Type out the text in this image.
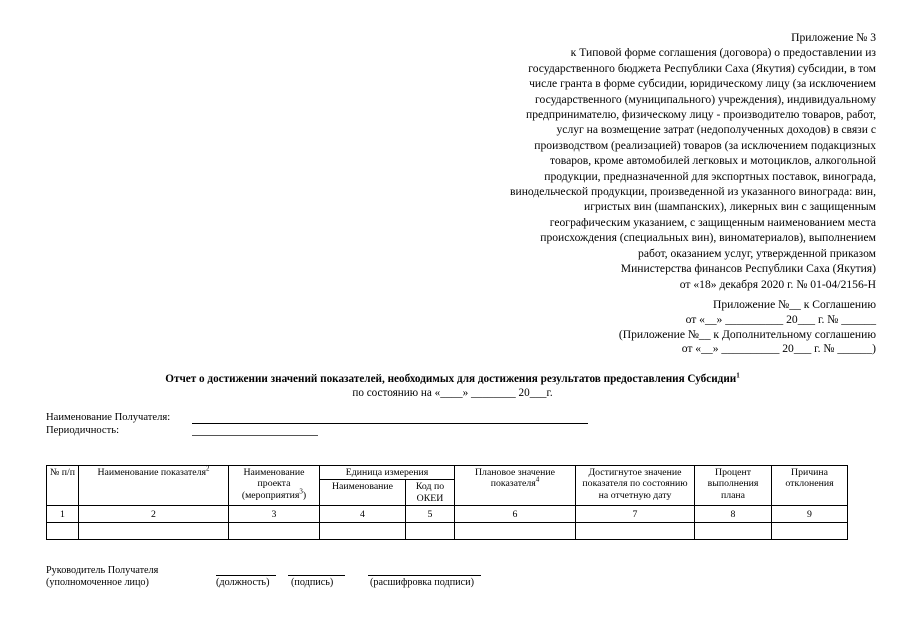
Приложение № 3
к Типовой форме соглашения (договора) о предоставлении из
государственного бюджета Республики Саха (Якутия) субсидии, в том
числе гранта в форме субсидии, юридическому лицу (за исключением
государственного (муниципального) учреждения), индивидуальному
предпринимателю, физическому лицу - производителю товаров, работ,
услуг на возмещение затрат (недополученных доходов) в связи с
производством (реализацией) товаров (за исключением подакцизных
товаров, кроме автомобилей легковых и мотоциклов, алкогольной
продукции, предназначенной для экспортных поставок, винограда,
винодельческой продукции, произведенной из указанного винограда: вин,
игристых вин (шампанских), ликерных вин с защищенным
географическим указанием, с защищенным наименованием места
происхождения (специальных вин), виноматериалов), выполнением
работ, оказанием услуг, утвержденной приказом
Министерства финансов Республики Саха (Якутия)
от «18» декабря 2020 г. № 01-04/2156-Н
Приложение №__ к Соглашению
от «__» __________ 20___ г. № ______
(Приложение №__ к Дополнительному соглашению
от «__» __________ 20___ г. № ______)
Отчет о достижении значений показателей, необходимых для достижения результатов предоставления Субсидии$^1$
по состоянию на «____» ________ 20___г.
Наименование Получателя:
Периодичность:
№ п/п	Наименование показателя$^2$	Наименование проекта (мероприятия$^3$)	Единица измерения		Плановое значение показателя$^4$	Достигнутое значение показателя по состоянию на отчетную дату	Процент выполнения плана	Причина отклонения
			Наименование	Код по ОКЕИ				
1	2	3	4	5	6	7	8	9

Руководитель Получателя
(уполномоченное лицо)	(должность) (подпись)	(расшифровка подписи)
